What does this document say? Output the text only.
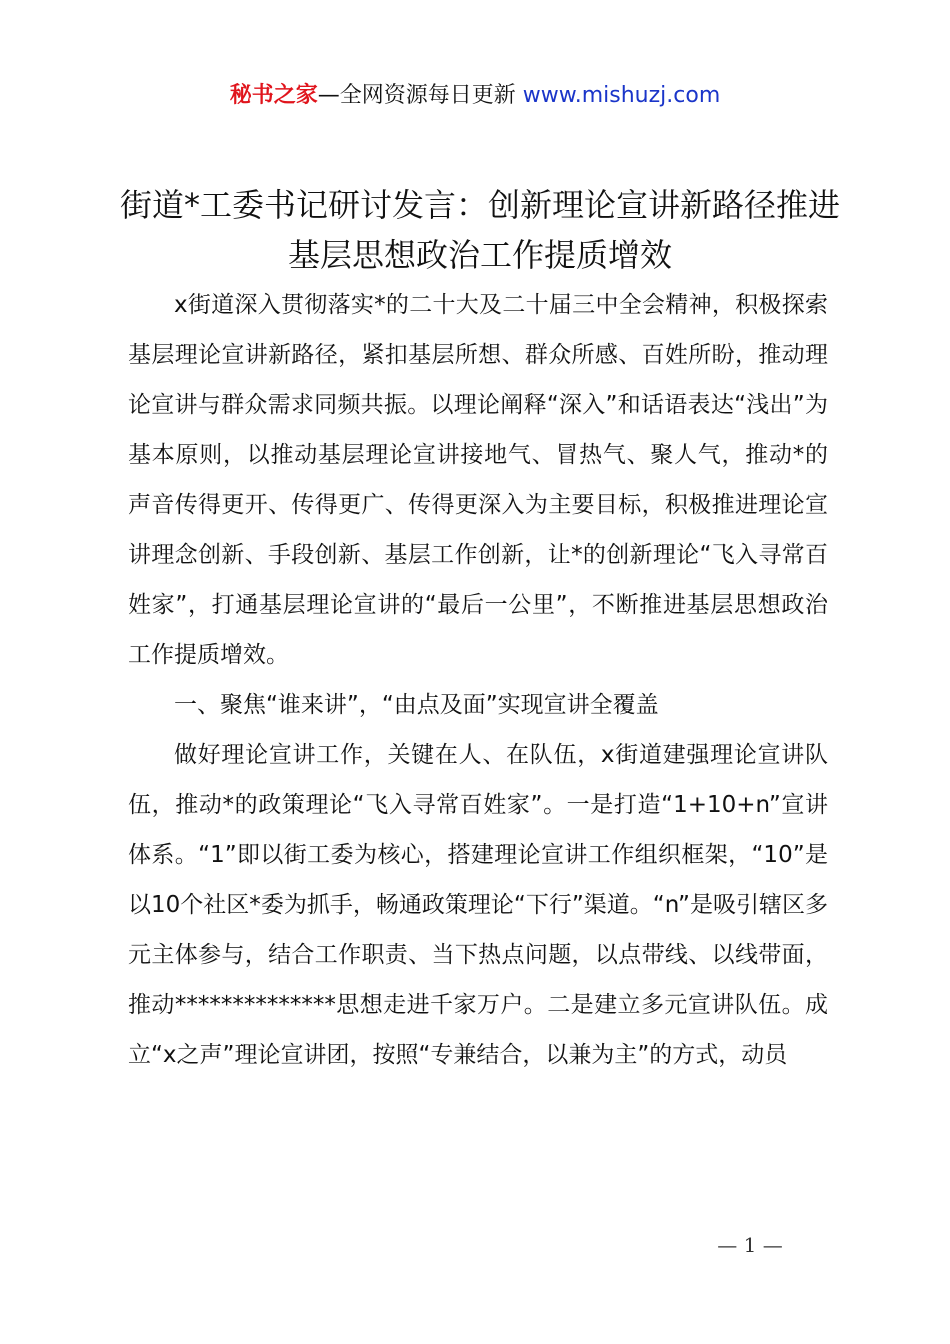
秘书之家—全网资源每日更新 www.mishuzj.com
街道*工委书记研讨发言：创新理论宣讲新路径推进基层思想政治工作提质增效

x街道深入贯彻落实*的二十大及二十届三中全会精神，积极探索基层理论宣讲新路径，紧扣基层所想、群众所感、百姓所盼，推动理论宣讲与群众需求同频共振。以理论阐释“深入”和话语表达“浅出”为基本原则，以推动基层理论宣讲接地气、冒热气、聚人气，推动*的声音传得更开、传得更广、传得更深入为主要目标，积极推进理论宣讲理念创新、手段创新、基层工作创新，让*的创新理论“飞入寻常百姓家”，打通基层理论宣讲的“最后一公里”，不断推进基层思想政治工作提质增效。

一、聚焦“谁来讲”，“由点及面”实现宣讲全覆盖

做好理论宣讲工作，关键在人、在队伍，x街道建强理论宣讲队伍，推动*的政策理论“飞入寻常百姓家”。一是打造“1+10+n”宣讲体系。“1”即以街工委为核心，搭建理论宣讲工作组织框架，“10”是以10个社区*委为抓手，畅通政策理论“下行”渠道。“n”是吸引辖区多元主体参与，结合工作职责、当下热点问题，以点带线、以线带面，推动**************思想走进千家万户。二是建立多元宣讲队伍。成立“x之声”理论宣讲团，按照“专兼结合，以兼为主”的方式，动员

— 1 —
